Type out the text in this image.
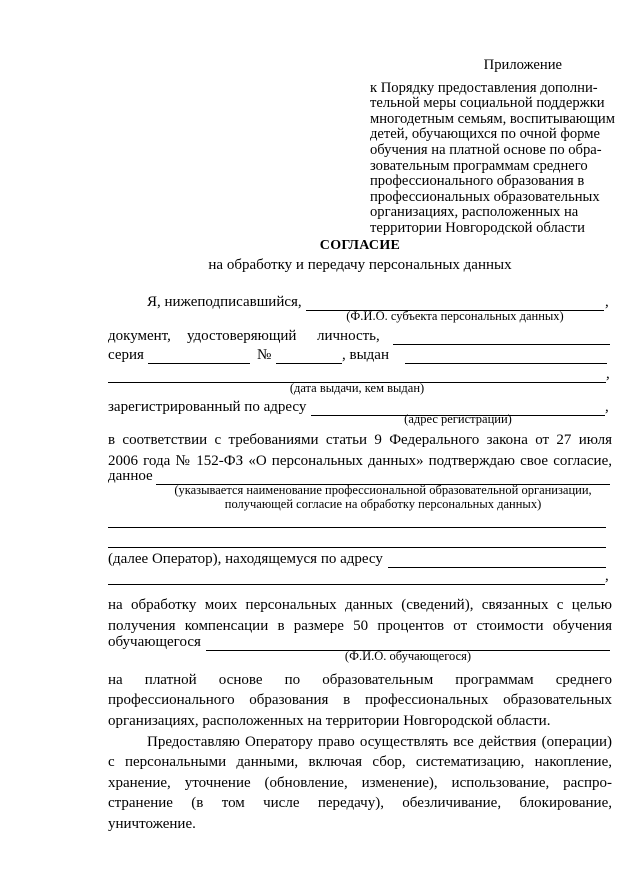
Приложение
к Порядку предоставления дополни-
тельной меры социальной поддержки
многодетным семьям, воспитывающим
детей, обучающихся по очной форме
обучения на платной основе по обра-
зовательным программам среднего
профессионального образования в
профессиональных образовательных
организациях, расположенных на
территории Новгородской области
СОГЛАСИЕ
на обработку и передачу персональных данных
Я, нижеподписавшийся,	,
(Ф.И.О. субъекта персональных данных)
документ, удостоверяющий личность,
серия	№	, выдан
,
(дата выдачи, кем выдан)
зарегистрированный по адресу	,
(адрес регистрации)
в соответствии с требованиями статьи 9 Федерального закона от 27 июля
2006 года № 152-ФЗ «О персональных данных» подтверждаю свое согласие,
данное
(указывается наименование профессиональной образовательной организации,
получающей согласие на обработку персональных данных)
(далее Оператор), находящемуся по адресу
,
на обработку моих персональных данных (сведений), связанных с целью
получения компенсации в размере 50 процентов от стоимости обучения
обучающегося
(Ф.И.О. обучающегося)
на платной основе по образовательным программам среднего
профессионального образования в профессиональных образовательных
организациях, расположенных на территории Новгородской области.
Предоставляю Оператору право осуществлять все действия (операции)
с персональными данными, включая сбор, систематизацию, накопление,
хранение, уточнение (обновление, изменение), использование, распро-
странение (в том числе передачу), обезличивание, блокирование,
уничтожение.
